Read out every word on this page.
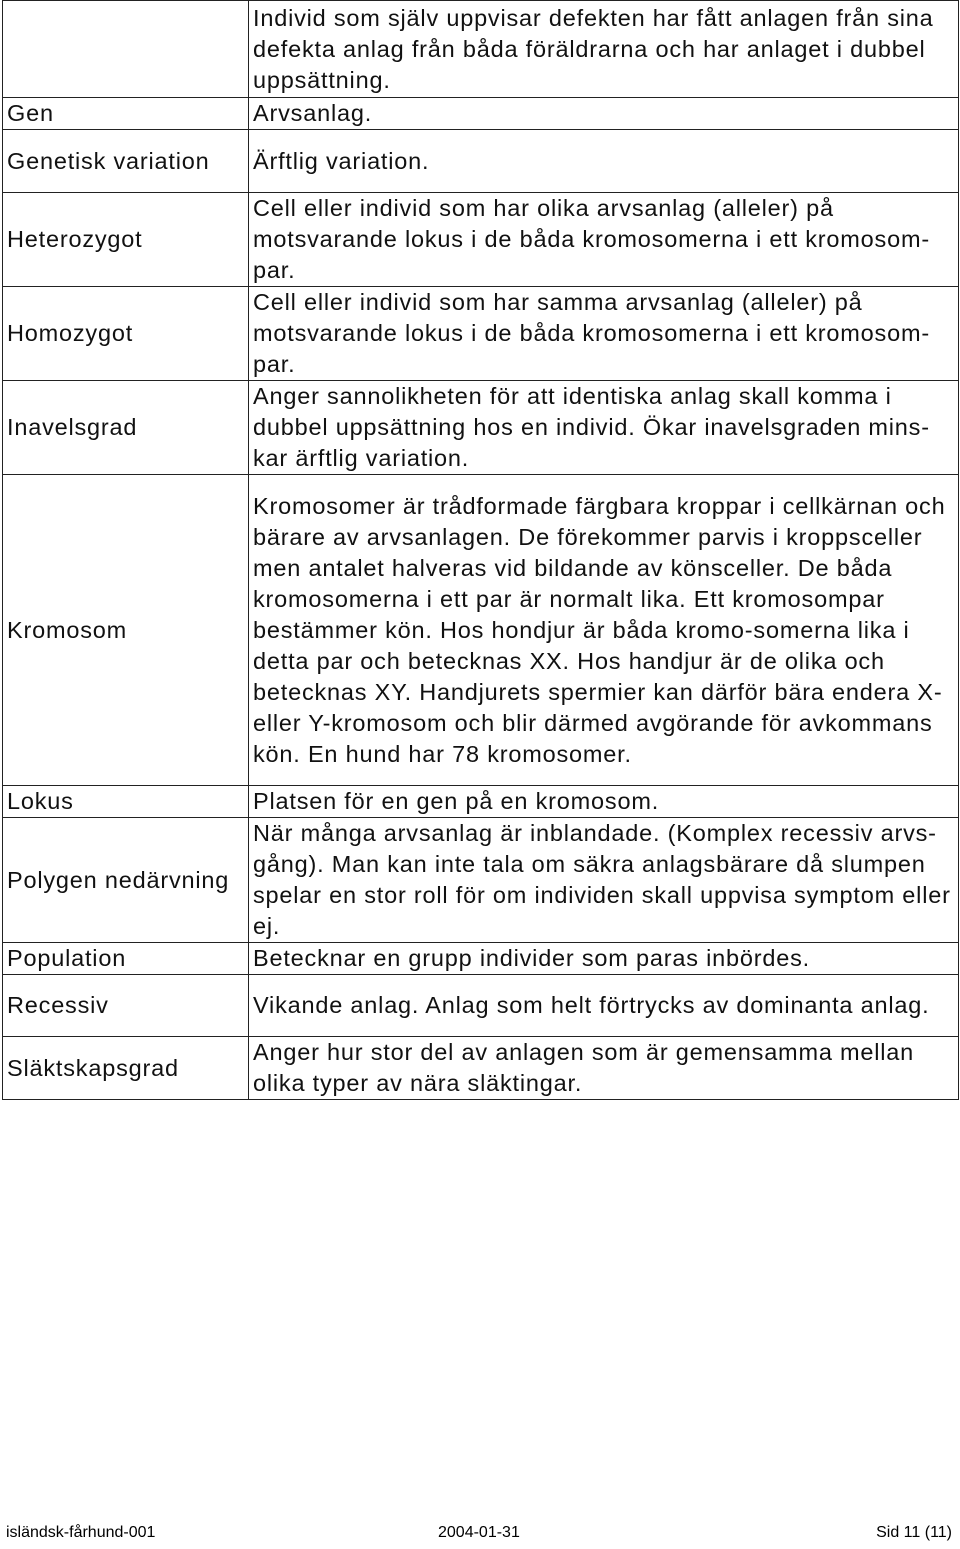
	Individ som själv uppvisar defekten har fått anlagen från sina defekta anlag från båda föräldrarna och har anlaget i dubbel uppsättning.
Gen	Arvsanlag.
Genetisk variation	Ärftlig variation.
Heterozygot	Cell eller individ som har olika arvsanlag (alleler) på motsvarande lokus i de båda kromosomerna i ett kromosom-par.
Homozygot	Cell eller individ som har samma arvsanlag (alleler) på motsvarande lokus i de båda kromosomerna i ett kromosom-par.
Inavelsgrad	Anger sannolikheten för att identiska anlag skall komma i dubbel uppsättning hos en individ. Ökar inavelsgraden mins-kar ärftlig variation.
Kromosom	Kromosomer är trådformade färgbara kroppar i cellkärnan och bärare av arvsanlagen. De förekommer parvis i kroppsceller men antalet halveras vid bildande av könsceller. De båda kromosomerna i ett par är normalt lika. Ett kromosompar bestämmer kön. Hos hondjur är båda kromo-somerna lika i detta par och betecknas XX. Hos handjur är de olika och betecknas XY. Handjurets spermier kan därför bära endera X- eller Y-kromosom och blir därmed avgörande för avkommans kön. En hund har 78 kromosomer.
Lokus	Platsen för en gen på en kromosom.
Polygen nedärvning	När många arvsanlag är inblandade. (Komplex recessiv arvs-gång). Man kan inte tala om säkra anlagsbärare då slumpen spelar en stor roll för om individen skall uppvisa symptom eller ej.
Population	Betecknar en grupp individer som paras inbördes.
Recessiv	Vikande anlag. Anlag som helt förtrycks av dominanta anlag.
Släktskapsgrad	Anger hur stor del av anlagen som är gemensamma mellan olika typer av nära släktingar.
isländsk-fårhund-001	2004-01-31	Sid 11 (11)
